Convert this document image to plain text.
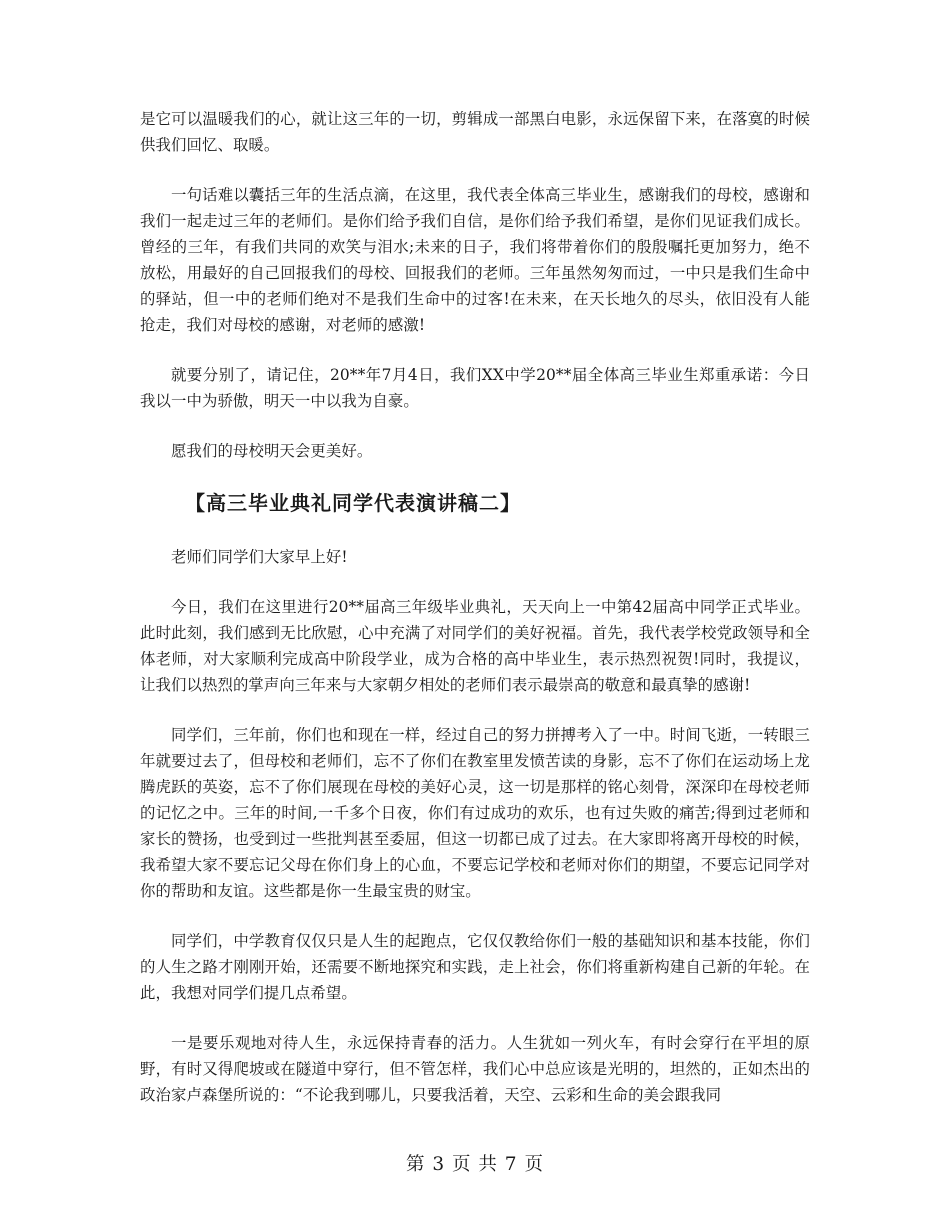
是它可以温暖我们的心，就让这三年的一切，剪辑成一部黑白电影，永远保留下来，在落寞的时候供我们回忆、取暖。

一句话难以囊括三年的生活点滴，在这里，我代表全体高三毕业生，感谢我们的母校，感谢和我们一起走过三年的老师们。是你们给予我们自信，是你们给予我们希望，是你们见证我们成长。曾经的三年，有我们共同的欢笑与泪水;未来的日子，我们将带着你们的殷殷嘱托更加努力，绝不放松，用最好的自己回报我们的母校、回报我们的老师。三年虽然匆匆而过，一中只是我们生命中的驿站，但一中的老师们绝对不是我们生命中的过客!在未来，在天长地久的尽头，依旧没有人能抢走，我们对母校的感谢，对老师的感激!

就要分别了，请记住，20**年7月4日，我们XX中学20**届全体高三毕业生郑重承诺：今日我以一中为骄傲，明天一中以我为自豪。

愿我们的母校明天会更美好。

【高三毕业典礼同学代表演讲稿二】

老师们同学们大家早上好!

今日，我们在这里进行20**届高三年级毕业典礼，天天向上一中第42届高中同学正式毕业。此时此刻，我们感到无比欣慰，心中充满了对同学们的美好祝福。首先，我代表学校党政领导和全体老师，对大家顺利完成高中阶段学业，成为合格的高中毕业生，表示热烈祝贺!同时，我提议，让我们以热烈的掌声向三年来与大家朝夕相处的老师们表示最崇高的敬意和最真挚的感谢!

同学们，三年前，你们也和现在一样，经过自己的努力拼搏考入了一中。时间飞逝，一转眼三年就要过去了，但母校和老师们，忘不了你们在教室里发愤苦读的身影，忘不了你们在运动场上龙腾虎跃的英姿，忘不了你们展现在母校的美好心灵，这一切是那样的铭心刻骨，深深印在母校老师的记忆之中。三年的时间,一千多个日夜，你们有过成功的欢乐，也有过失败的痛苦;得到过老师和家长的赞扬，也受到过一些批判甚至委屈，但这一切都已成了过去。在大家即将离开母校的时候，我希望大家不要忘记父母在你们身上的心血，不要忘记学校和老师对你们的期望，不要忘记同学对你的帮助和友谊。这些都是你一生最宝贵的财宝。

同学们，中学教育仅仅只是人生的起跑点，它仅仅教给你们一般的基础知识和基本技能，你们的人生之路才刚刚开始，还需要不断地探究和实践，走上社会，你们将重新构建自己新的年轮。在此，我想对同学们提几点希望。

一是要乐观地对待人生，永远保持青春的活力。人生犹如一列火车，有时会穿行在平坦的原野，有时又得爬坡或在隧道中穿行，但不管怎样，我们心中总应该是光明的，坦然的，正如杰出的政治家卢森堡所说的：“不论我到哪儿，只要我活着，天空、云彩和生命的美会跟我同

第 3 页 共 7 页
